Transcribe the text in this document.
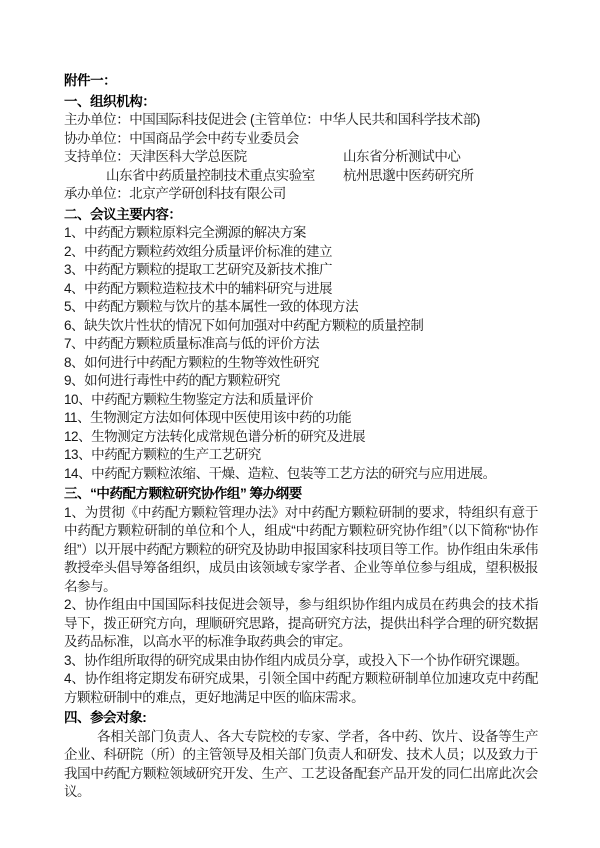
附件一：
一、组织机构：
主办单位：中国国际科技促进会 (主管单位：中华人民共和国科学技术部)
协办单位：中国商品学会中药专业委员会
支持单位：天津医科大学总医院	山东省分析测试中心
山东省中药质量控制技术重点实验室	杭州思邈中医药研究所
承办单位：北京产学研创科技有限公司
二、会议主要内容：
1、中药配方颗粒原料完全溯源的解决方案
2、中药配方颗粒药效组分质量评价标准的建立
3、中药配方颗粒的提取工艺研究及新技术推广
4、中药配方颗粒造粒技术中的辅料研究与进展
5、中药配方颗粒与饮片的基本属性一致的体现方法
6、缺失饮片性状的情况下如何加强对中药配方颗粒的质量控制
7、中药配方颗粒质量标准高与低的评价方法
8、如何进行中药配方颗粒的生物等效性研究
9、如何进行毒性中药的配方颗粒研究
10、中药配方颗粒生物鉴定方法和质量评价
11、生物测定方法如何体现中医使用该中药的功能
12、生物测定方法转化成常规色谱分析的研究及进展
13、中药配方颗粒的生产工艺研究
14、中药配方颗粒浓缩、干燥、造粒、包装等工艺方法的研究与应用进展。
三、“中药配方颗粒研究协作组” 筹办纲要

1、为贯彻《中药配方颗粒管理办法》对中药配方颗粒研制的要求，特组织有意于中药配方颗粒研制的单位和个人，组成“中药配方颗粒研究协作组”（以下简称“协作组”）以开展中药配方颗粒的研究及协助申报国家科技项目等工作。协作组由朱承伟教授牵头倡导筹备组织，成员由该领域专家学者、企业等单位参与组成，望积极报名参与。

2、协作组由中国国际科技促进会领导，参与组织协作组内成员在药典会的技术指导下，拨正研究方向，理顺研究思路，提高研究方法，提供出科学合理的研究数据及药品标准，以高水平的标准争取药典会的审定。

3、协作组所取得的研究成果由协作组内成员分享，或投入下一个协作研究课题。

4、协作组将定期发布研究成果，引领全国中药配方颗粒研制单位加速攻克中药配方颗粒研制中的难点，更好地满足中医的临床需求。

四、参会对象:

各相关部门负责人、各大专院校的专家、学者，各中药、饮片、设备等生产企业、科研院（所）的主管领导及相关部门负责人和研发、技术人员；以及致力于我国中药配方颗粒领域研究开发、生产、工艺设备配套产品开发的同仁出席此次会议。
